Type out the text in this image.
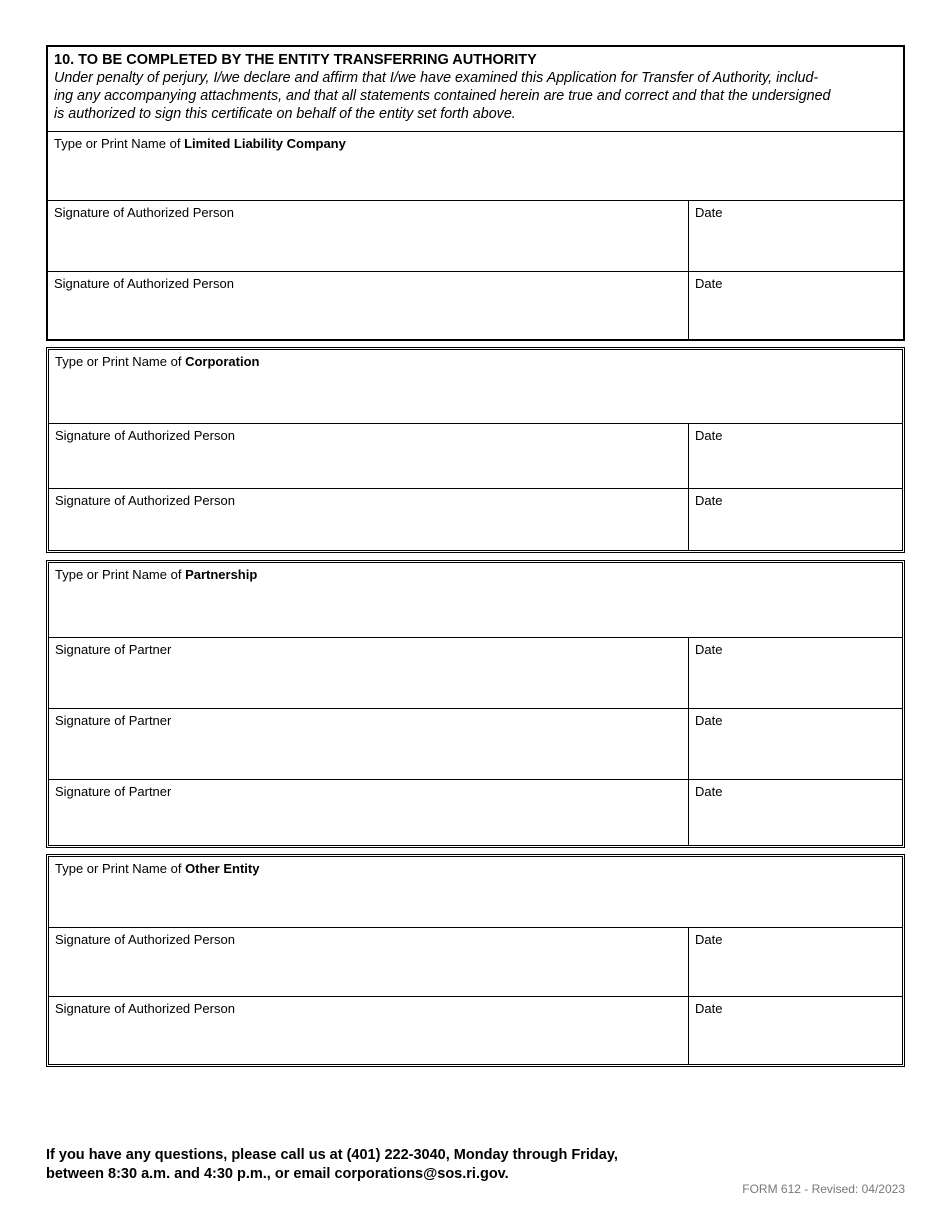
10. TO BE COMPLETED BY THE ENTITY TRANSFERRING AUTHORITY
Under penalty of perjury, I/we declare and affirm that I/we have examined this Application for Transfer of Authority, includ-
ing any accompanying attachments, and that all statements contained herein are true and correct and that the undersigned
is authorized to sign this certificate on behalf of the entity set forth above.
Type or Print Name of Limited Liability Company
Signature of Authorized Person	Date
Signature of Authorized Person	Date
Type or Print Name of Corporation
Signature of Authorized Person	Date
Signature of Authorized Person	Date
Type or Print Name of Partnership
Signature of Partner	Date
Signature of Partner	Date
Signature of Partner	Date
Type or Print Name of Other Entity
Signature of Authorized Person	Date
Signature of Authorized Person	Date
If you have any questions, please call us at (401) 222-3040, Monday through Friday,
between 8:30 a.m. and 4:30 p.m., or email corporations@sos.ri.gov.
FORM 612 - Revised: 04/2023
